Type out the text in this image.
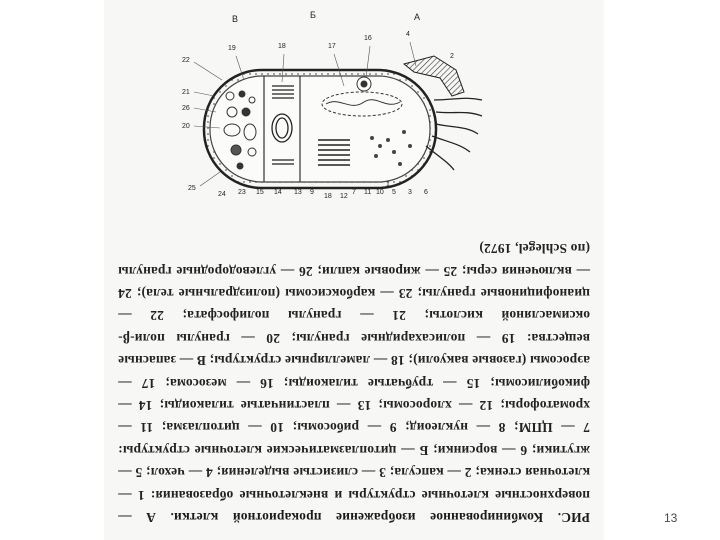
В	Б	А
22
19	18	17
16
4
2
21
26
20
25
24 23 15 14 13 9
18 12
7 11 10 5 3 6
1

РИС. Комбинированное изображение прокариотной клетки. А — поверхностные клеточные структуры и внеклеточные образования: 1 — клеточная стенка; 2 — капсула; 3 — слизистые выделения; 4 — чехол; 5 — жгутики; 6 — ворсинки; Б — цитоплазматические клеточные структуры: 7 — ЦПМ; 8 — нуклеоид; 9 — рибосомы; 10 — цитоплазма; 11 — хроматофоры; 12 — хлоросомы; 13 — пластинчатые тилакоиды; 14 — фикобилисомы; 15 — трубчатые тилакоиды; 16 — мезосома; 17 — аэросомы (газовые вакуоли); 18 — ламеллярные структуры; В — запасные вещества: 19 — полисахаридные гранулы; 20 — гранулы поли-β-оксимасляной кислоты; 21 — гранулы полифосфата; 22 — цианофициновые гранулы; 23 — карбоксисомы (полиэдральные тела); 24 — включения серы; 25 — жировые капли; 26 — углеводородные гранулы (по Schlegel, 1972)

13
